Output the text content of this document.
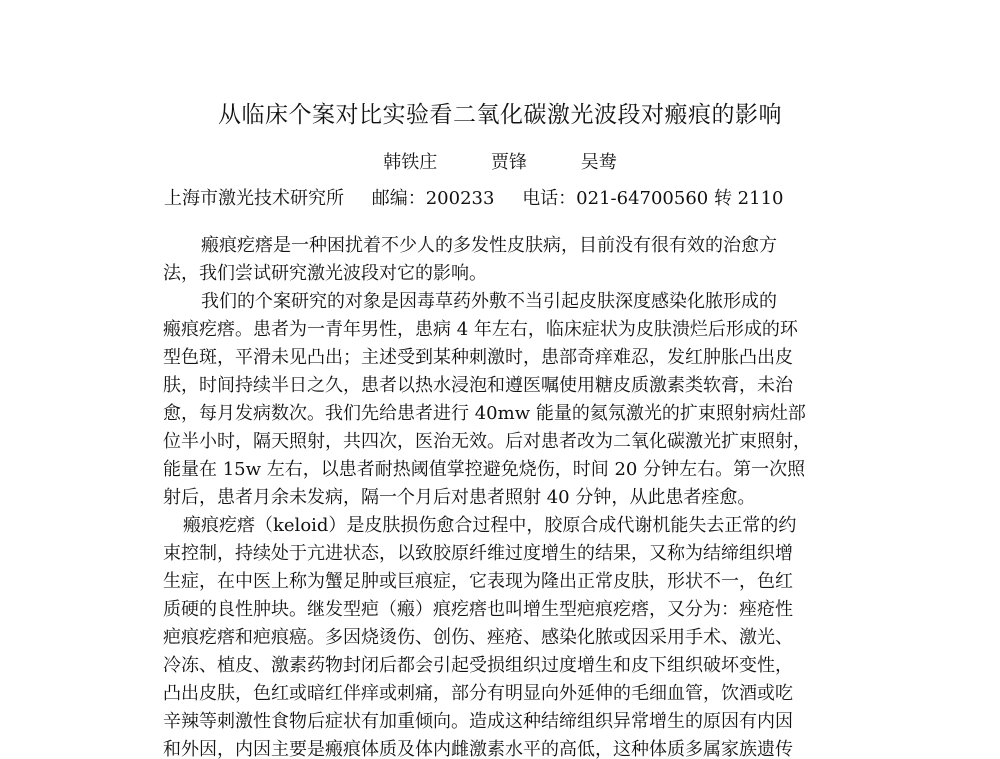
从临床个案对比实验看二氧化碳激光波段对瘢痕的影响
韩铁庄	贾锋	吴鸯
上海市激光技术研究所 邮编：200233 电话：021-64700560 转 2110
瘢痕疙瘩是一种困扰着不少人的多发性皮肤病，目前没有很有效的治愈方
法，我们尝试研究激光波段对它的影响。
我们的个案研究的对象是因毒草药外敷不当引起皮肤深度感染化脓形成的
瘢痕疙瘩。患者为一青年男性，患病 4 年左右，临床症状为皮肤溃烂后形成的环
型色斑，平滑未见凸出；主述受到某种刺激时，患部奇痒难忍，发红肿胀凸出皮
肤，时间持续半日之久，患者以热水浸泡和遵医嘱使用糖皮质激素类软膏，未治
愈，每月发病数次。我们先给患者进行 40mw 能量的氦氖激光的扩束照射病灶部
位半小时，隔天照射，共四次，医治无效。后对患者改为二氧化碳激光扩束照射，
能量在 15w 左右，以患者耐热阈值掌控避免烧伤，时间 20 分钟左右。第一次照
射后，患者月余未发病，隔一个月后对患者照射 40 分钟，从此患者痊愈。
瘢痕疙瘩（keloid）是皮肤损伤愈合过程中，胶原合成代谢机能失去正常的约
束控制，持续处于亢进状态，以致胶原纤维过度增生的结果，又称为结缔组织增
生症，在中医上称为蟹足肿或巨痕症，它表现为隆出正常皮肤，形状不一，色红
质硬的良性肿块。继发型疤（瘢）痕疙瘩也叫增生型疤痕疙瘩，又分为：痤疮性
疤痕疙瘩和疤痕癌。多因烧烫伤、创伤、痤疮、感染化脓或因采用手术、激光、
冷冻、植皮、激素药物封闭后都会引起受损组织过度增生和皮下组织破坏变性，
凸出皮肤，色红或暗红伴痒或刺痛，部分有明显向外延伸的毛细血管，饮酒或吃
辛辣等刺激性食物后症状有加重倾向。造成这种结缔组织异常增生的原因有内因
和外因，内因主要是瘢痕体质及体内雌激素水平的高低，这种体质多属家族遗传
